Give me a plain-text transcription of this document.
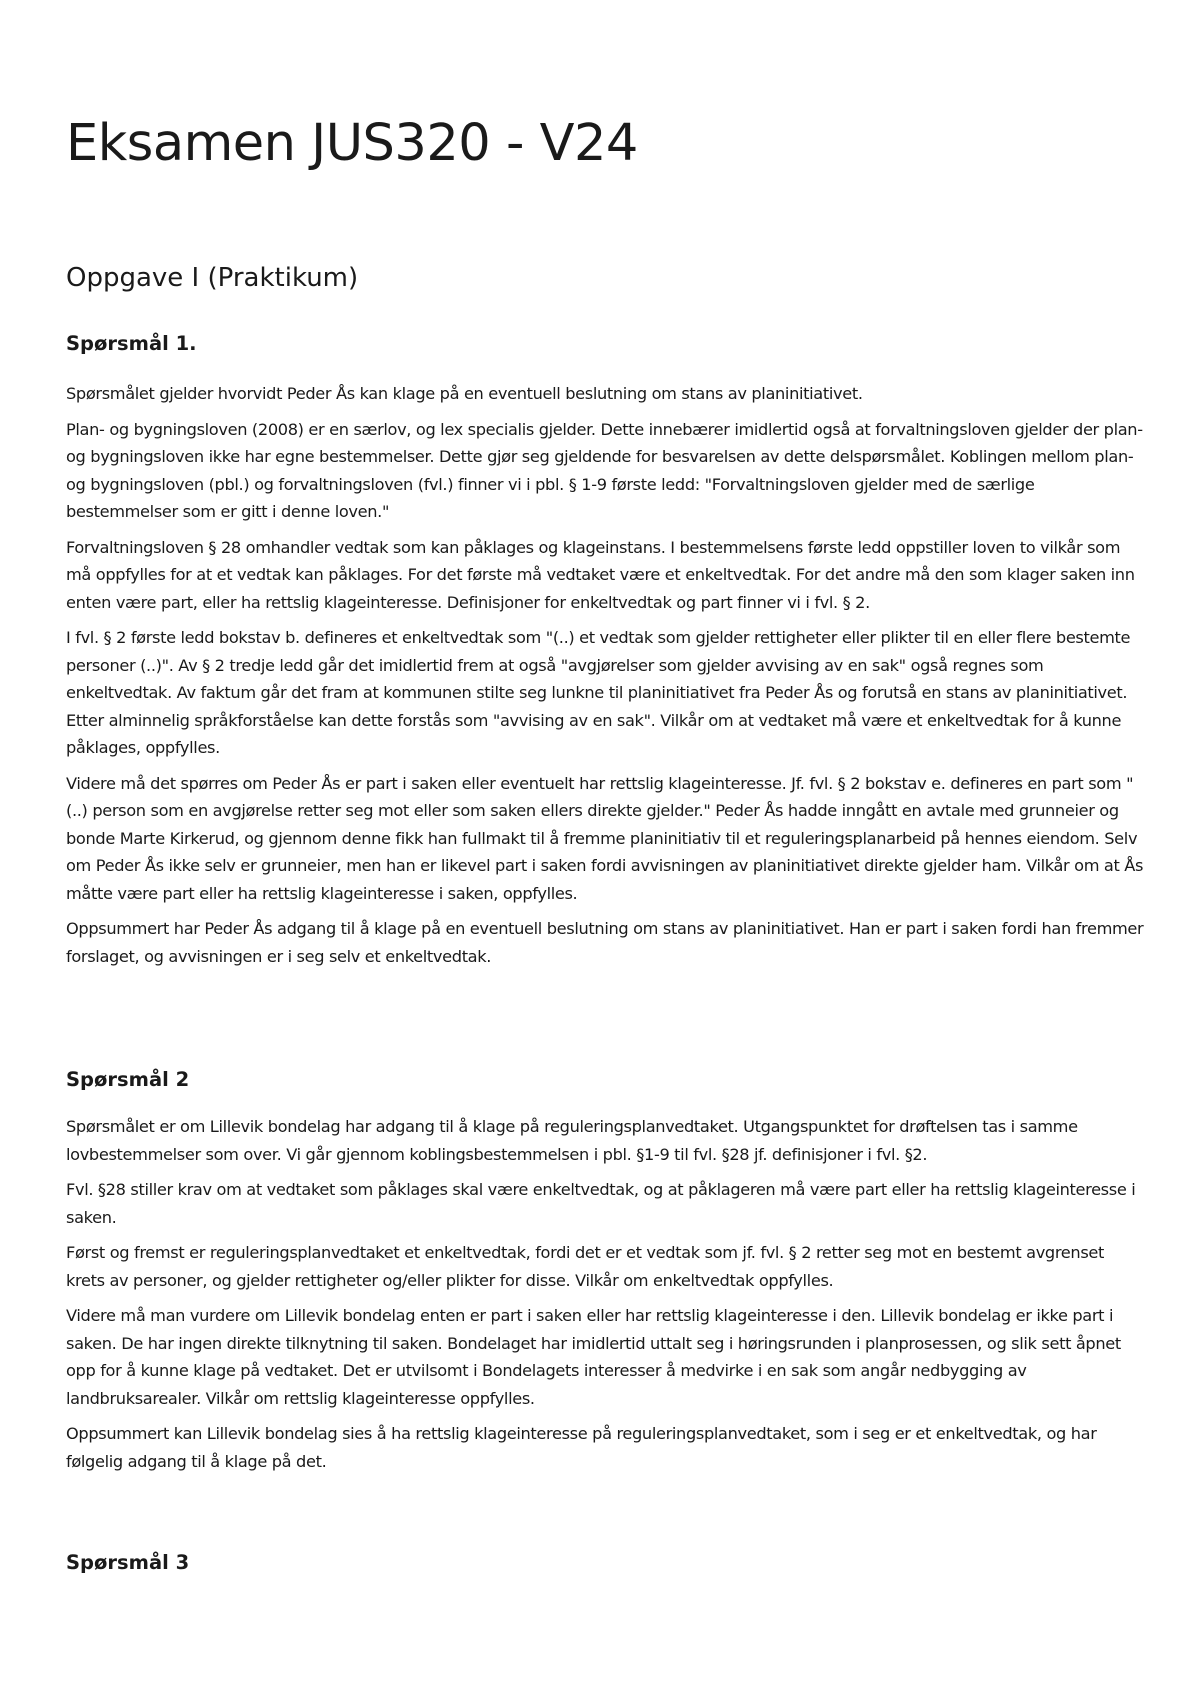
Eksamen JUS320 - V24
Oppgave I (Praktikum)
Spørsmål 1.

Spørsmålet gjelder hvorvidt Peder Ås kan klage på en eventuell beslutning om stans av planinitiativet.

Plan- og bygningsloven (2008) er en særlov, og lex specialis gjelder. Dette innebærer imidlertid også at forvaltningsloven gjelder der plan- og bygningsloven ikke har egne bestemmelser. Dette gjør seg gjeldende for besvarelsen av dette delspørsmålet. Koblingen mellom plan- og bygningsloven (pbl.) og forvaltningsloven (fvl.) finner vi i pbl. § 1-9 første ledd: "Forvaltningsloven gjelder med de særlige bestemmelser som er gitt i denne loven."

Forvaltningsloven § 28 omhandler vedtak som kan påklages og klageinstans. I bestemmelsens første ledd oppstiller loven to vilkår som må oppfylles for at et vedtak kan påklages. For det første må vedtaket være et enkeltvedtak. For det andre må den som klager saken inn enten være part, eller ha rettslig klageinteresse. Definisjoner for enkeltvedtak og part finner vi i fvl. § 2.

I fvl. § 2 første ledd bokstav b. defineres et enkeltvedtak som "(..) et vedtak som gjelder rettigheter eller plikter til en eller flere bestemte personer (..)". Av § 2 tredje ledd går det imidlertid frem at også "avgjørelser som gjelder avvising av en sak" også regnes som enkeltvedtak. Av faktum går det fram at kommunen stilte seg lunkne til planinitiativet fra Peder Ås og forutså en stans av planinitiativet. Etter alminnelig språkforståelse kan dette forstås som "avvising av en sak". Vilkår om at vedtaket må være et enkeltvedtak for å kunne påklages, oppfylles.

Videre må det spørres om Peder Ås er part i saken eller eventuelt har rettslig klageinteresse. Jf. fvl. § 2 bokstav e. defineres en part som "(..) person som en avgjørelse retter seg mot eller som saken ellers direkte gjelder." Peder Ås hadde inngått en avtale med grunneier og bonde Marte Kirkerud, og gjennom denne fikk han fullmakt til å fremme planinitiativ til et reguleringsplanarbeid på hennes eiendom. Selv om Peder Ås ikke selv er grunneier, men han er likevel part i saken fordi avvisningen av planinitiativet direkte gjelder ham. Vilkår om at Ås måtte være part eller ha rettslig klageinteresse i saken, oppfylles.

Oppsummert har Peder Ås adgang til å klage på en eventuell beslutning om stans av planinitiativet. Han er part i saken fordi han fremmer forslaget, og avvisningen er i seg selv et enkeltvedtak.

Spørsmål 2

Spørsmålet er om Lillevik bondelag har adgang til å klage på reguleringsplanvedtaket. Utgangspunktet for drøftelsen tas i samme lovbestemmelser som over. Vi går gjennom koblingsbestemmelsen i pbl. §1-9 til fvl. §28 jf. definisjoner i fvl. §2.

Fvl. §28 stiller krav om at vedtaket som påklages skal være enkeltvedtak, og at påklageren må være part eller ha rettslig klageinteresse i saken.

Først og fremst er reguleringsplanvedtaket et enkeltvedtak, fordi det er et vedtak som jf. fvl. § 2 retter seg mot en bestemt avgrenset krets av personer, og gjelder rettigheter og/eller plikter for disse. Vilkår om enkeltvedtak oppfylles.

Videre må man vurdere om Lillevik bondelag enten er part i saken eller har rettslig klageinteresse i den. Lillevik bondelag er ikke part i saken. De har ingen direkte tilknytning til saken. Bondelaget har imidlertid uttalt seg i høringsrunden i planprosessen, og slik sett åpnet opp for å kunne klage på vedtaket. Det er utvilsomt i Bondelagets interesser å medvirke i en sak som angår nedbygging av landbruksarealer. Vilkår om rettslig klageinteresse oppfylles.

Oppsummert kan Lillevik bondelag sies å ha rettslig klageinteresse på reguleringsplanvedtaket, som i seg er et enkeltvedtak, og har følgelig adgang til å klage på det.

Spørsmål 3
